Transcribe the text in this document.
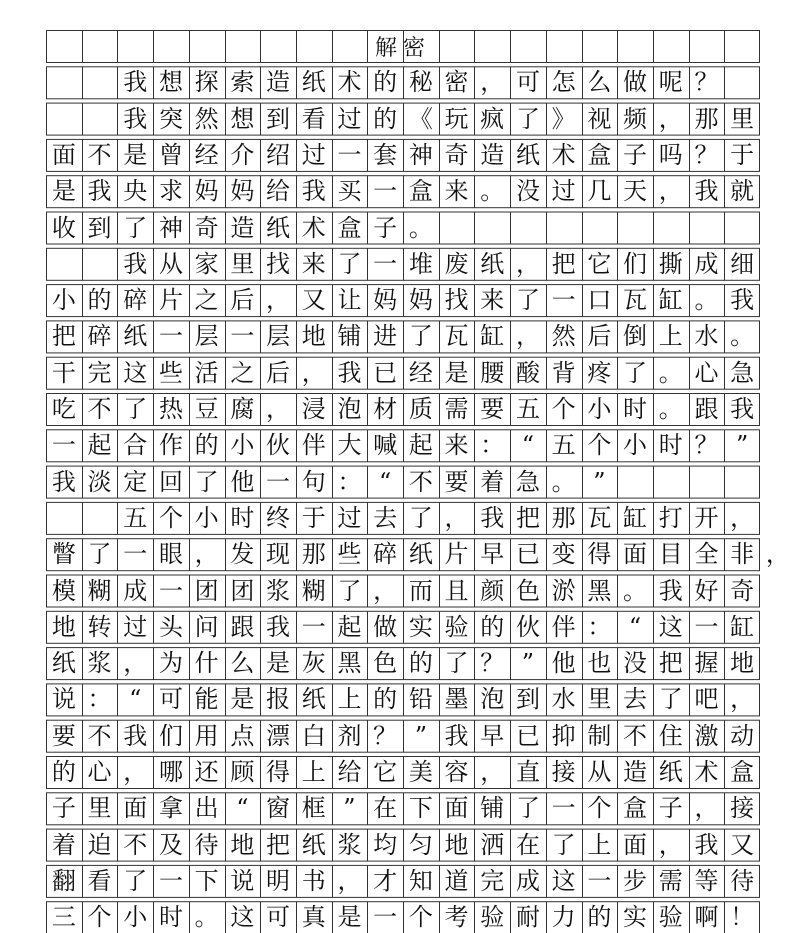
解密
我 想 探 索 造 纸 术 的 秘 密 ， 可 怎 么 做 呢 ？
我 突 然 想 到 看 过 的 《 玩 疯 了 》 视 频 ， 那 里
面 不 是 曾 经 介 绍 过 一 套 神 奇 造 纸 术 盒 子 吗 ？ 于
是 我 央 求 妈 妈 给 我 买 一 盒 来 。 没 过 几 天 ， 我 就
收 到 了 神 奇 造 纸 术 盒 子 。
我 从 家 里 找 来 了 一 堆 废 纸 ， 把 它 们 撕 成 细
小 的 碎 片 之 后 ， 又 让 妈 妈 找 来 了 一 口 瓦 缸 。 我
把 碎 纸 一 层 一 层 地 铺 进 了 瓦 缸 ， 然 后 倒 上 水 。
干 完 这 些 活 之 后 ， 我 已 经 是 腰 酸 背 疼 了 。 心 急
吃 不 了 热 豆 腐 ， 浸 泡 材 质 需 要 五 个 小 时 。 跟 我
一 起 合 作 的 小 伙 伴 大 喊 起 来 ： “ 五 个 小 时 ？ ”
我 淡 定 回 了 他 一 句 ： “ 不 要 着 急 。 ”
五 个 小 时 终 于 过 去 了 ， 我 把 那 瓦 缸 打 开 ，
瞥 了 一 眼 ， 发 现 那 些 碎 纸 片 早 已 变 得 面 目 全 非 ，
模 糊 成 一 团 团 浆 糊 了 ， 而 且 颜 色 淤 黑 。 我 好 奇
地 转 过 头 问 跟 我 一 起 做 实 验 的 伙 伴 ： “ 这 一 缸
纸 浆 ， 为 什 么 是 灰 黑 色 的 了 ？ ” 他 也 没 把 握 地
说 ： “ 可 能 是 报 纸 上 的 铅 墨 泡 到 水 里 去 了 吧 ，
要 不 我 们 用 点 漂 白 剂 ？ ” 我 早 已 抑 制 不 住 激 动
的 心 ， 哪 还 顾 得 上 给 它 美 容 ， 直 接 从 造 纸 术 盒
子 里 面 拿 出 “ 窗 框 ” 在 下 面 铺 了 一 个 盒 子 ， 接
着 迫 不 及 待 地 把 纸 浆 均 匀 地 洒 在 了 上 面 ， 我 又
翻 看 了 一 下 说 明 书 ， 才 知 道 完 成 这 一 步 需 等 待
三 个 小 时 。 这 可 真 是 一 个 考 验 耐 力 的 实 验 啊 ！
